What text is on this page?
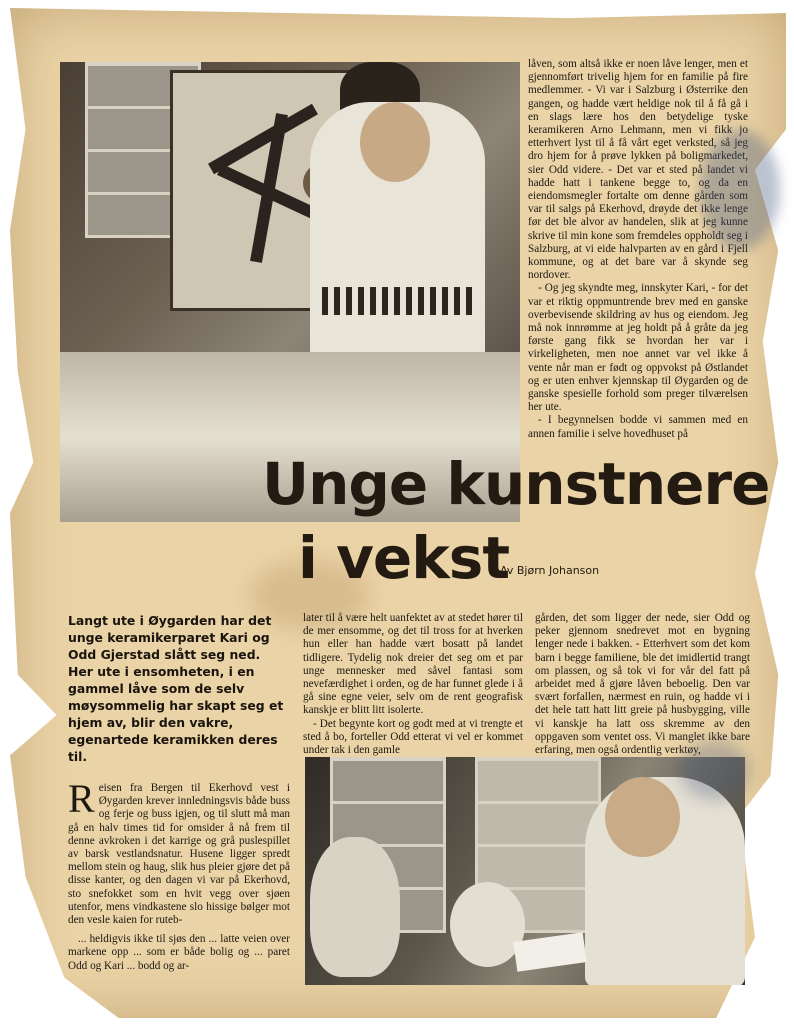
låven, som altså ikke er noen låve lenger, men et gjennomført trivelig hjem for en familie på fire medlemmer. - Vi var i Salzburg i Østerrike den gangen, og hadde vært heldige nok til å få gå i en slags lære hos den betydelige tyske keramikeren Arno Lehmann, men vi fikk jo etterhvert lyst til å få vårt eget verksted, så jeg dro hjem for å prøve lykken på boligmarkedet, sier Odd videre. - Det var et sted på landet vi hadde hatt i tankene begge to, og da en eiendomsmegler fortalte om denne gården som var til salgs på Ekerhovd, drøyde det ikke lenge før det ble alvor av handelen, slik at jeg kunne skrive til min kone som fremdeles oppholdt seg i Salzburg, at vi eide halvparten av en gård i Fjell kommune, og at det bare var å skynde seg nordover.

- Og jeg skyndte meg, innskyter Kari, - for det var et riktig oppmuntrende brev med en ganske overbevisende skildring av hus og eiendom. Jeg må nok innrømme at jeg holdt på å gråte da jeg første gang fikk se hvordan her var i virkeligheten, men noe annet var vel ikke å vente når man er født og oppvokst på Østlandet og er uten enhver kjennskap til Øygarden og de ganske spesielle forhold som preger tilværelsen her ute.

- I begynnelsen bodde vi sammen med en annen familie i selve hovedhuset på

Unge kunstnere
i vekst
Av Bjørn Johanson

Langt ute i Øygarden har det unge keramikerparet Kari og Odd Gjerstad slått seg ned.

Her ute i ensomheten, i en gammel låve som de selv møysommelig har skapt seg et hjem av, blir den vakre, egenartede keramikken deres til.

later til å være helt uanfektet av at stedet hører til de mer ensomme, og det til tross for at hverken hun eller han hadde vært bosatt på landet tidligere. Tydelig nok dreier det seg om et par unge mennesker med såvel fantasi som nevefærdighet i orden, og de har funnet glede i å gå sine egne veier, selv om de rent geografisk kanskje er blitt litt isolerte.

- Det begynte kort og godt med at vi trengte et sted å bo, forteller Odd etterat vi vel er kommet under tak i den gamle

gården, det som ligger der nede, sier Odd og peker gjennom snedrevet mot en bygning lenger nede i bakken. - Etterhvert som det kom barn i begge familiene, ble det imidlertid trangt om plassen, og så tok vi for vår del fatt på arbeidet med å gjøre låven beboelig. Den var svært forfallen, nærmest en ruin, og hadde vi i det hele tatt hatt litt greie på husbygging, ville vi kanskje ha latt oss skremme av den oppgaven som ventet oss. Vi manglet ikke bare erfaring, men også ordentlig verktøy,

Reisen fra Bergen til Ekerhovd vest i Øygarden krever innledningsvis både buss og ferje og buss igjen, og til slutt må man gå en halv times tid for omsider å nå frem til denne avkroken i det karrige og grå puslespillet av barsk vestlandsnatur. Husene ligger spredt mellom stein og haug, slik hus pleier gjøre det på disse kanter, og den dagen vi var på Ekerhovd, sto snefokket som en hvit vegg over sjøen utenfor, mens vindkastene slo hissige bølger mot den vesle kaien for ruteb-

... heldigvis ikke til sjøs den ... latte veien over markene opp ... som er både bolig og ... paret Odd og Kari ... bodd og ar-
